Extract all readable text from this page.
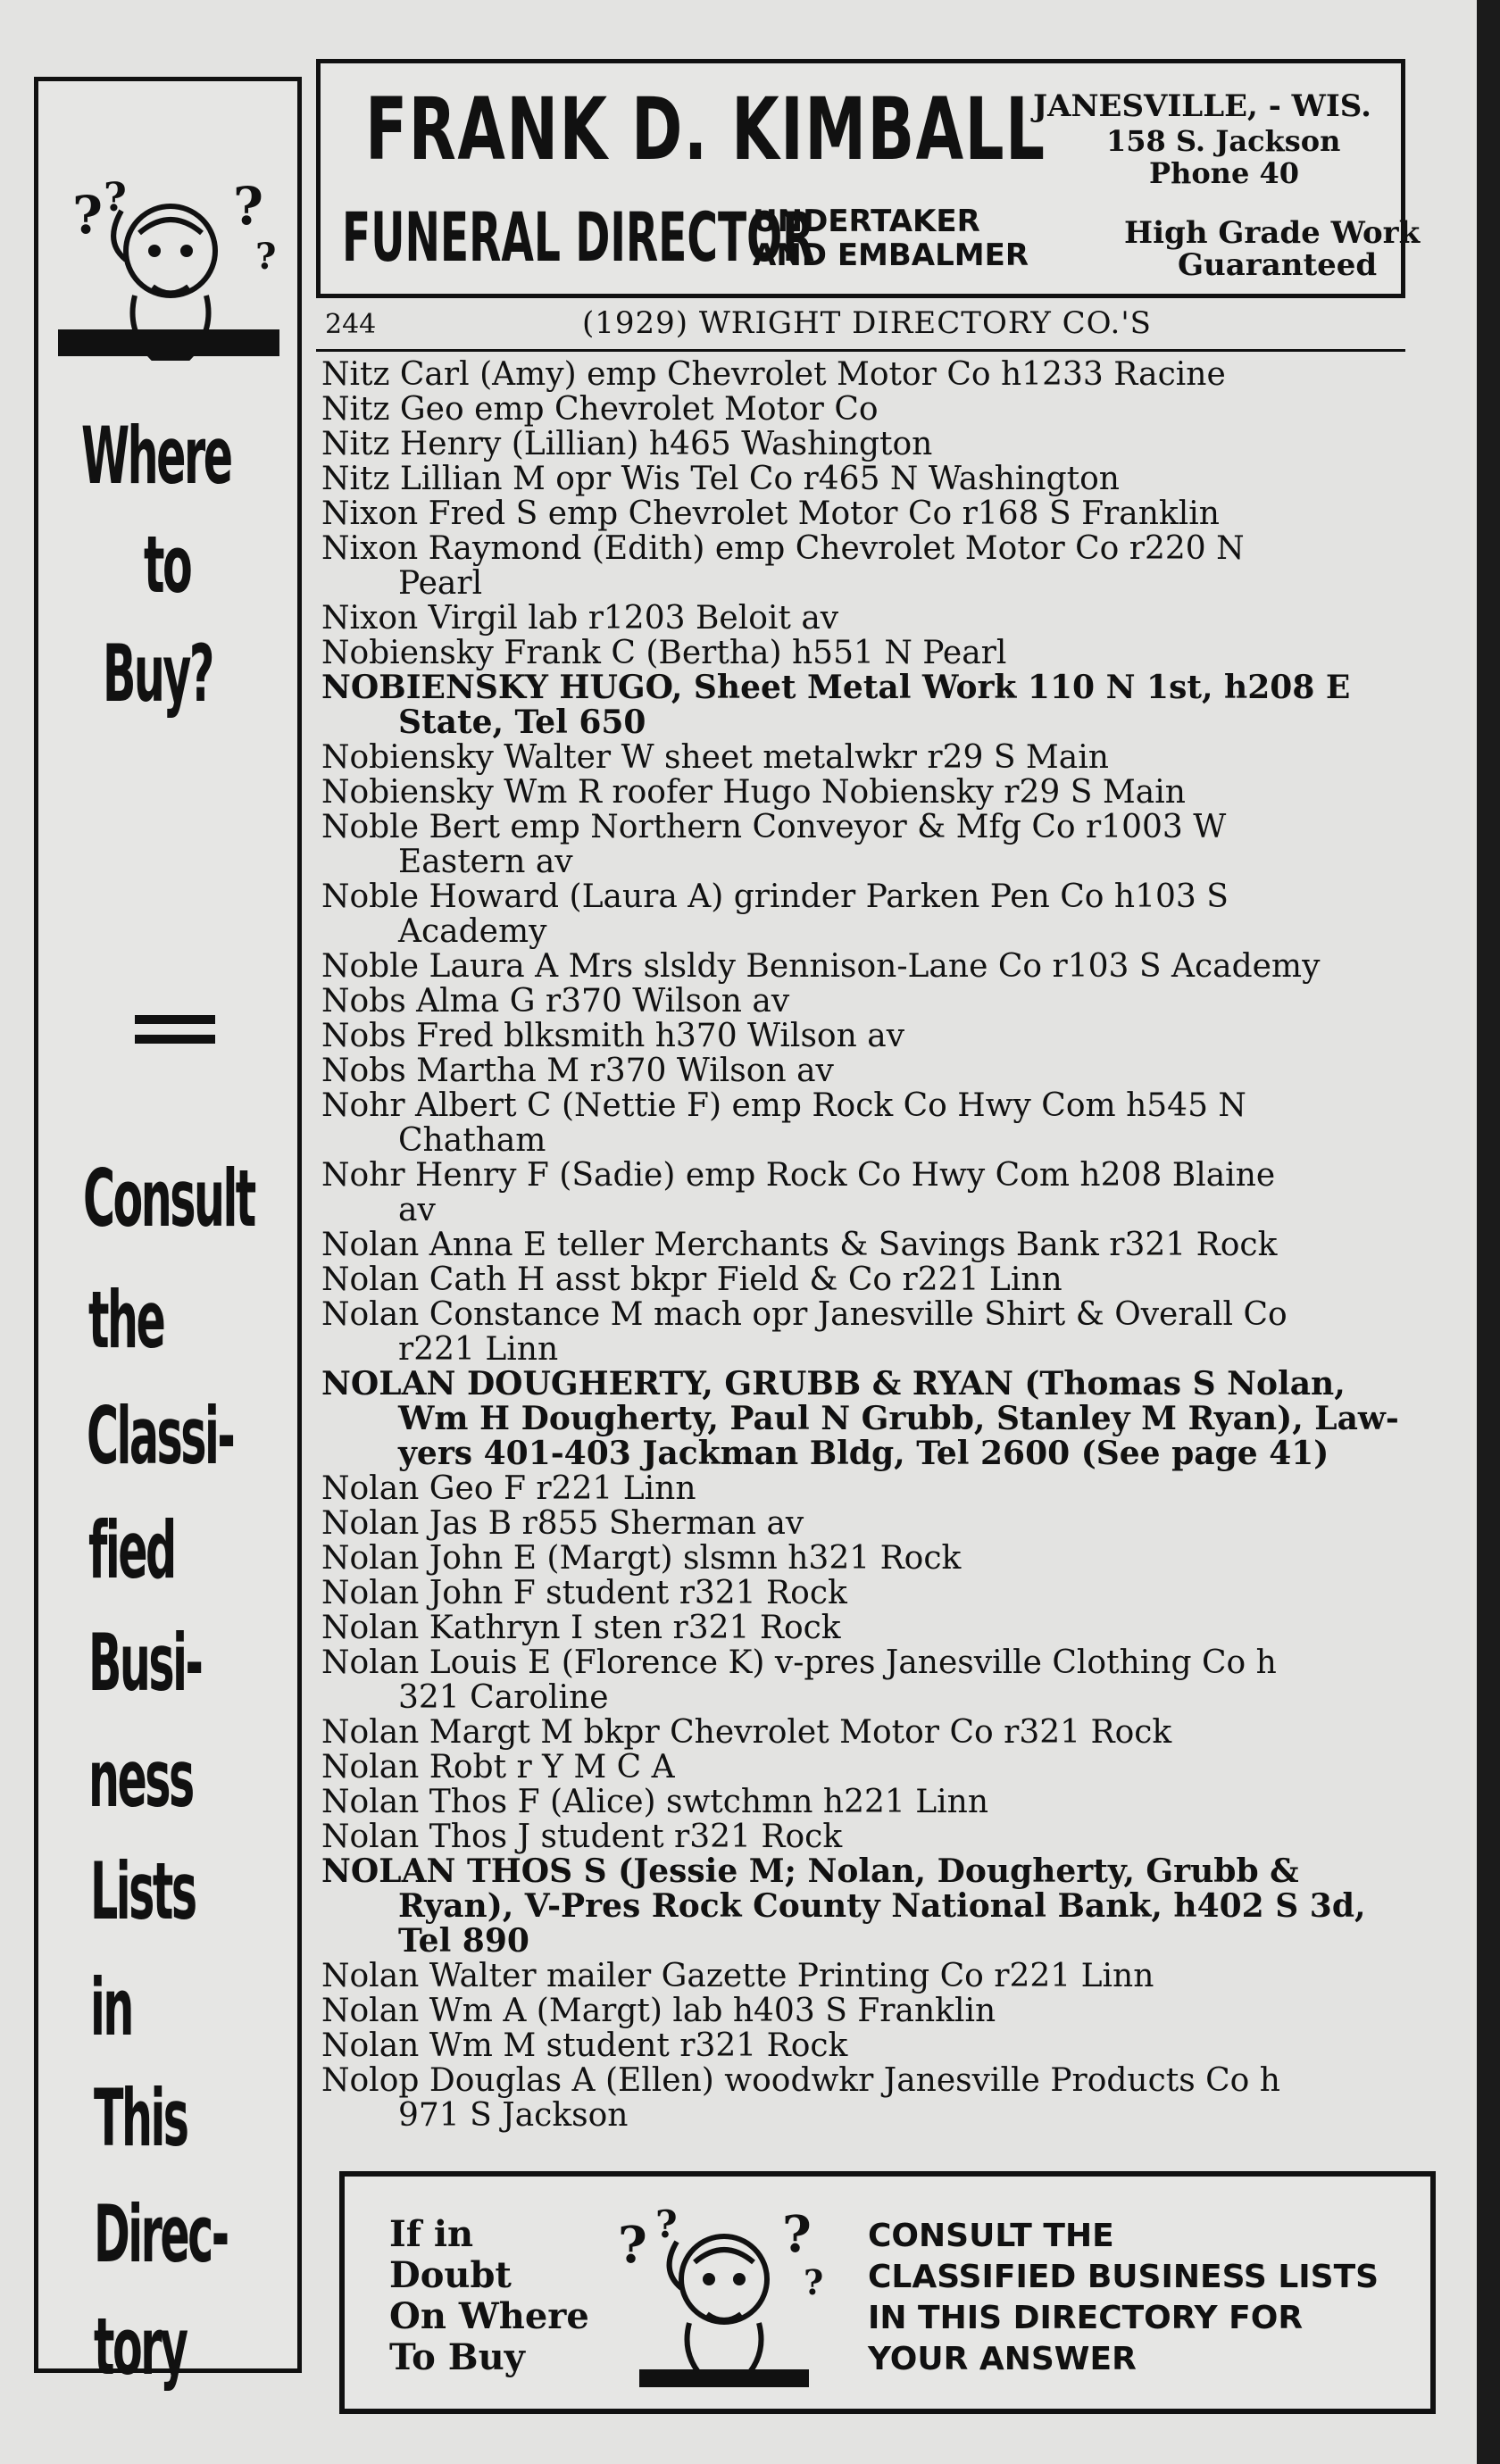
? ? ?
?
Where
to
Buy?
Consult
the
Classi-
fied
Busi-
ness
Lists
in
This
Direc-
tory
FRANK D. KIMBALL
FUNERAL DIRECTOR
UNDERTAKER
AND EMBALMER
JANESVILLE, - WIS.
158 S. Jackson
Phone 40
High Grade Work
Guaranteed
244	(1929) WRIGHT DIRECTORY CO.'S
Nitz Carl (Amy) emp Chevrolet Motor Co h1233 Racine
Nitz Geo emp Chevrolet Motor Co
Nitz Henry (Lillian) h465 Washington
Nitz Lillian M opr Wis Tel Co r465 N Washington
Nixon Fred S emp Chevrolet Motor Co r168 S Franklin
Nixon Raymond (Edith) emp Chevrolet Motor Co r220 N
Pearl
Nixon Virgil lab r1203 Beloit av
Nobiensky Frank C (Bertha) h551 N Pearl
NOBIENSKY HUGO, Sheet Metal Work 110 N 1st, h208 E
State, Tel 650
Nobiensky Walter W sheet metalwkr r29 S Main
Nobiensky Wm R roofer Hugo Nobiensky r29 S Main
Noble Bert emp Northern Conveyor & Mfg Co r1003 W
Eastern av
Noble Howard (Laura A) grinder Parken Pen Co h103 S
Academy
Noble Laura A Mrs slsldy Bennison-Lane Co r103 S Academy
Nobs Alma G r370 Wilson av
Nobs Fred blksmith h370 Wilson av
Nobs Martha M r370 Wilson av
Nohr Albert C (Nettie F) emp Rock Co Hwy Com h545 N
Chatham
Nohr Henry F (Sadie) emp Rock Co Hwy Com h208 Blaine
av
Nolan Anna E teller Merchants & Savings Bank r321 Rock
Nolan Cath H asst bkpr Field & Co r221 Linn
Nolan Constance M mach opr Janesville Shirt & Overall Co
r221 Linn
NOLAN DOUGHERTY, GRUBB & RYAN (Thomas S Nolan,
Wm H Dougherty, Paul N Grubb, Stanley M Ryan), Law-
yers 401-403 Jackman Bldg, Tel 2600 (See page 41)
Nolan Geo F r221 Linn
Nolan Jas B r855 Sherman av
Nolan John E (Margt) slsmn h321 Rock
Nolan John F student r321 Rock
Nolan Kathryn I sten r321 Rock
Nolan Louis E (Florence K) v-pres Janesville Clothing Co h
321 Caroline
Nolan Margt M bkpr Chevrolet Motor Co r321 Rock
Nolan Robt r Y M C A
Nolan Thos F (Alice) swtchmn h221 Linn
Nolan Thos J student r321 Rock
NOLAN THOS S (Jessie M; Nolan, Dougherty, Grubb &
Ryan), V-Pres Rock County National Bank, h402 S 3d,
Tel 890
Nolan Walter mailer Gazette Printing Co r221 Linn
Nolan Wm A (Margt) lab h403 S Franklin
Nolan Wm M student r321 Rock
Nolop Douglas A (Ellen) woodwkr Janesville Products Co h
971 S Jackson
If in
Doubt
On Where
To Buy
? ? ?
?
CONSULT THE
CLASSIFIED BUSINESS LISTS
IN THIS DIRECTORY FOR
YOUR ANSWER
